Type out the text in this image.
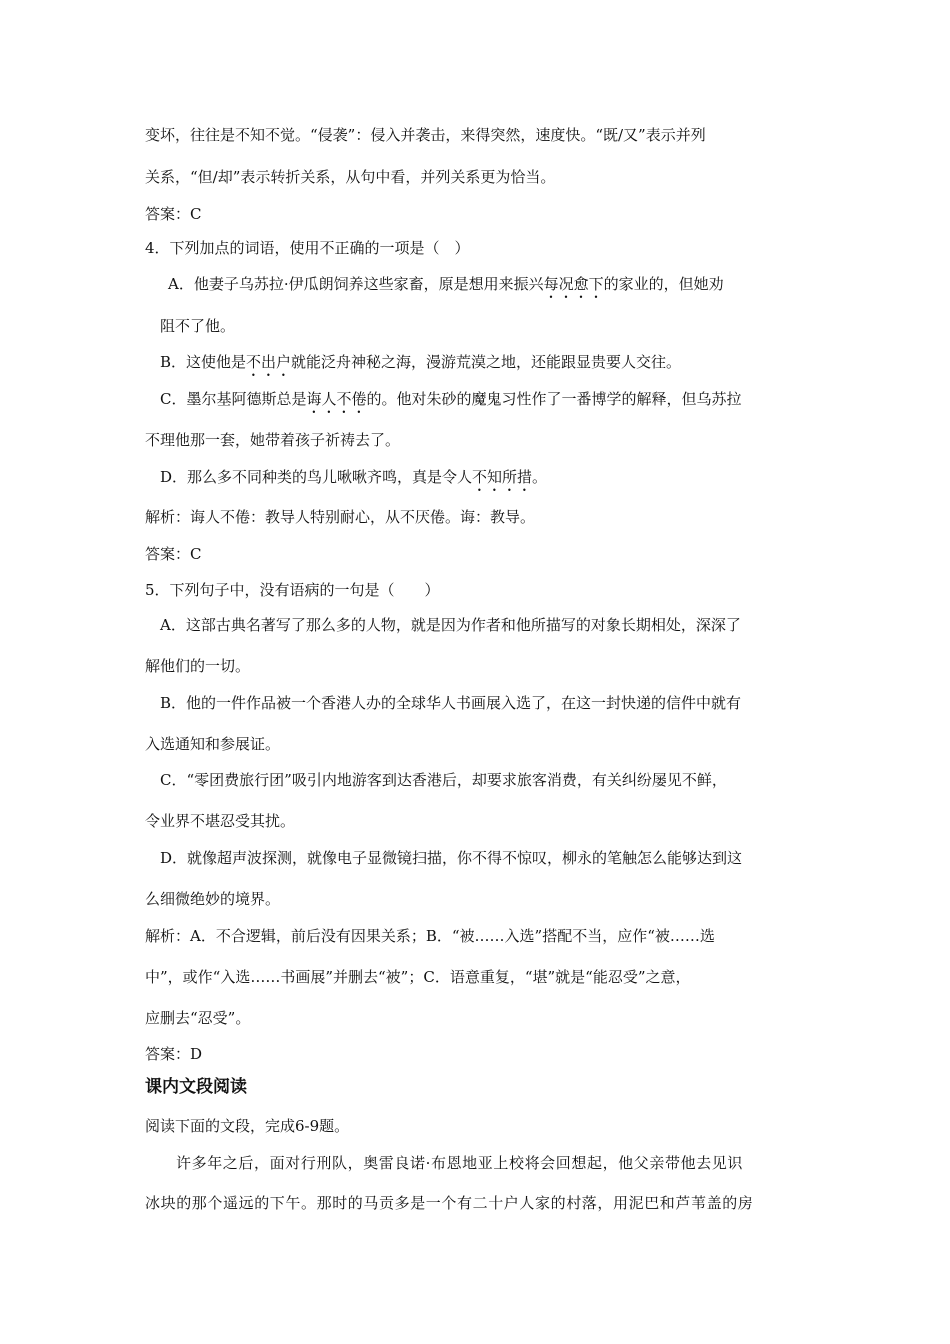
变坏，往往是不知不觉。“侵袭”：侵入并袭击，来得突然，速度快。“既/又”表示并列
关系，“但/却”表示转折关系，从句中看，并列关系更为恰当。
答案：C
4．下列加点的词语，使用不正确的一项是（　）
A．他妻子乌苏拉·伊瓜朗饲养这些家畜，原是想用来振兴每况愈下的家业的，但她劝
阻不了他。
B．这使他是不出户就能泛舟神秘之海，漫游荒漠之地，还能跟显贵要人交往。
C．墨尔基阿德斯总是诲人不倦的。他对朱砂的魔鬼习性作了一番博学的解释，但乌苏拉
不理他那一套，她带着孩子祈祷去了。
D．那么多不同种类的鸟儿啾啾齐鸣，真是令人不知所措。
解析：诲人不倦：教导人特别耐心，从不厌倦。诲：教导。
答案：C
5．下列句子中，没有语病的一句是（　　）
A．这部古典名著写了那么多的人物，就是因为作者和他所描写的对象长期相处，深深了
解他们的一切。
B．他的一件作品被一个香港人办的全球华人书画展入选了，在这一封快递的信件中就有
入选通知和参展证。
C．“零团费旅行团”吸引内地游客到达香港后，却要求旅客消费，有关纠纷屡见不鲜，
令业界不堪忍受其扰。
D．就像超声波探测，就像电子显微镜扫描，你不得不惊叹，柳永的笔触怎么能够达到这
么细微绝妙的境界。
解析：A．不合逻辑，前后没有因果关系；B．“被……入选”搭配不当，应作“被……选
中”，或作“入选……书画展”并删去“被”；C．语意重复，“堪”就是“能忍受”之意，
应删去“忍受”。
答案：D
课内文段阅读
阅读下面的文段，完成6-9题。
许多年之后，面对行刑队，奥雷良诺·布恩地亚上校将会回想起，他父亲带他去见识
冰块的那个遥远的下午。那时的马贡多是一个有二十户人家的村落，用泥巴和芦苇盖的房
